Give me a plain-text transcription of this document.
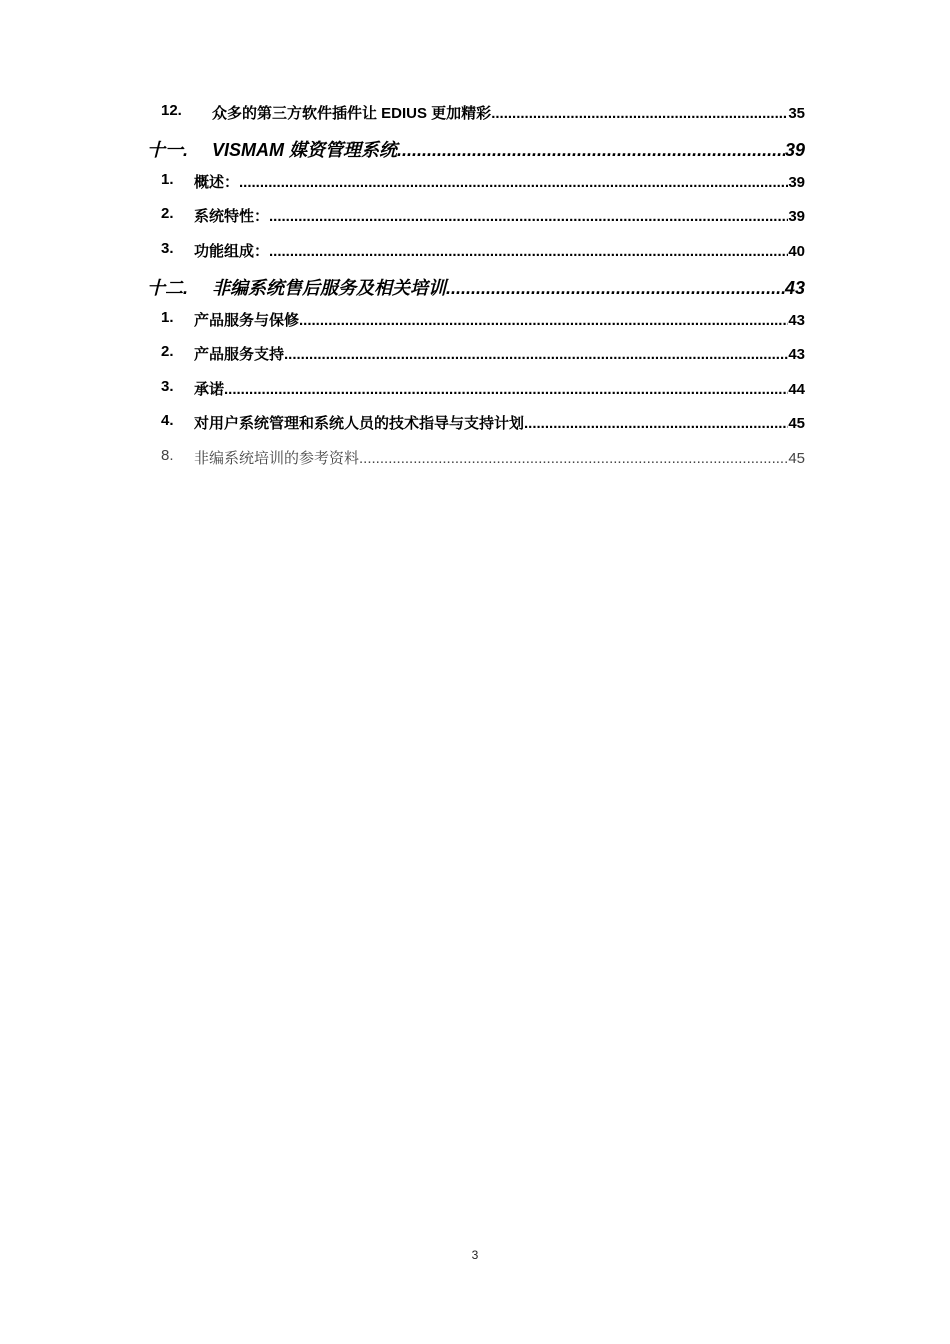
12. 众多的第三方软件插件让 EDIUS 更加精彩 .....	35
十一. VISMAM 媒资管理系统 .....	39
1. 概述： .....	39
2. 系统特性： .....	39
3. 功能组成： .....	40
十二. 非编系统售后服务及相关培训 .....	43
1. 产品服务与保修 .....	43
2. 产品服务支持 .....	43
3. 承诺 .....	44
4. 对用户系统管理和系统人员的技术指导与支持计划 .....	45
8. 非编系统培训的参考资料 .....	45
3
